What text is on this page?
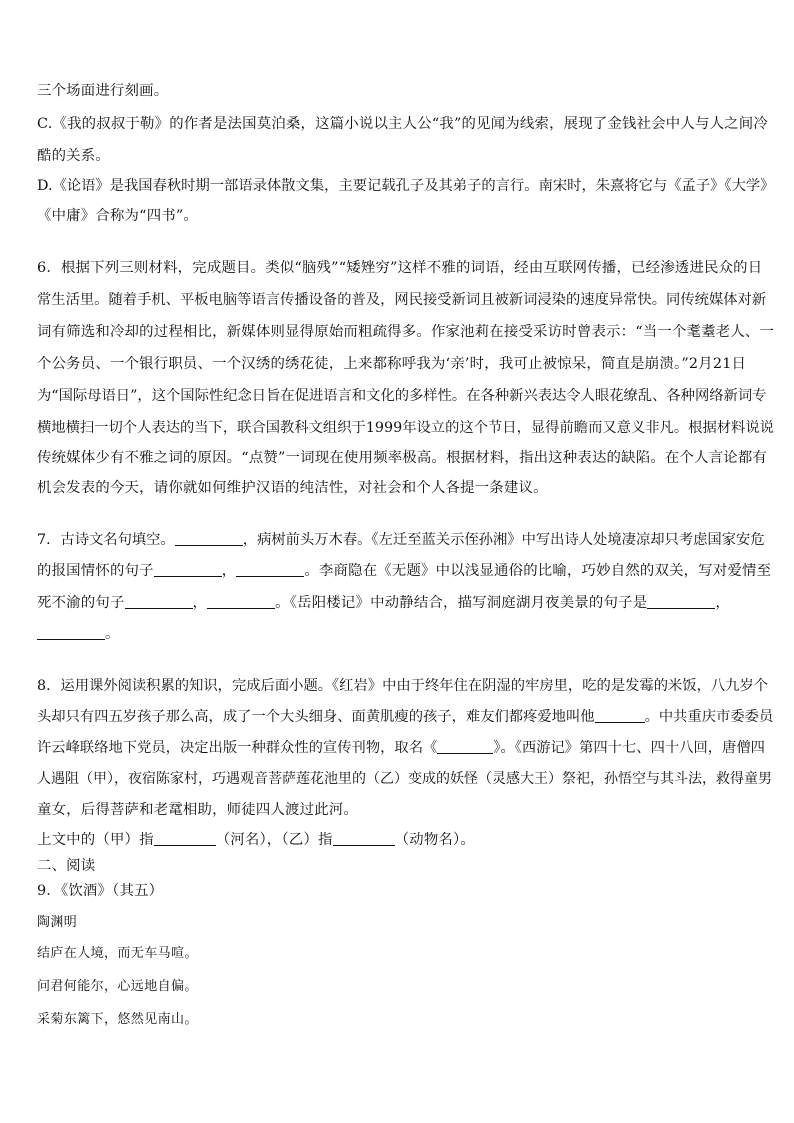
三个场面进行刻画。
C.《我的叔叔于勒》的作者是法国莫泊桑，这篇小说以主人公“我”的见闻为线索，展现了金钱社会中人与人之间冷
酷的关系。
D.《论语》是我国春秋时期一部语录体散文集，主要记载孔子及其弟子的言行。南宋时，朱熹将它与《孟子》《大学》
《中庸》合称为“四书”。
6．根据下列三则材料，完成题目。类似“脑残”“矮矬穷”这样不雅的词语，经由互联网传播，已经渗透进民众的日
常生活里。随着手机、平板电脑等语言传播设备的普及，网民接受新词且被新词浸染的速度异常快。同传统媒体对新
词有筛选和冷却的过程相比，新媒体则显得原始而粗疏得多。作家池莉在接受采访时曾表示：“当一个耄耋老人、一
个公务员、一个银行职员、一个汉绣的绣花徒，上来都称呼我为‘亲’时，我可止被惊呆，简直是崩溃。”2月21日
为“国际母语日”，这个国际性纪念日旨在促进语言和文化的多样性。在各种新兴表达令人眼花缭乱、各种网络新词专
横地横扫一切个人表达的当下，联合国教科文组织于1999年设立的这个节日，显得前瞻而又意义非凡。根据材料说说
传统媒体少有不雅之词的原因。“点赞”一词现在使用频率极高。根据材料，指出这种表达的缺陷。在个人言论都有
机会发表的今天，请你就如何维护汉语的纯洁性，对社会和个人各提一条建议。
7．古诗文名句填空。	，病树前头万木春。《左迁至蓝关示侄孙湘》中写出诗人处境凄凉却只考虑国家安危
的报国情怀的句子	，	。李商隐在《无题》中以浅显通俗的比喻，巧妙自然的双关，写对爱情至
死不渝的句子	，	。《岳阳楼记》中动静结合，描写洞庭湖月夜美景的句子是	，
。
8．运用课外阅读积累的知识，完成后面小题。《红岩》中由于终年住在阴湿的牢房里，吃的是发霉的米饭，八九岁个
头却只有四五岁孩子那么高，成了一个大头细身、面黄肌瘦的孩子，难友们都疼爱地叫他	。中共重庆市委委员
许云峰联络地下党员，决定出版一种群众性的宣传刊物，取名《	》。《西游记》第四十七、四十八回，唐僧四
人遇阻（甲），夜宿陈家村，巧遇观音菩萨莲花池里的（乙）变成的妖怪（灵感大王）祭祀，孙悟空与其斗法，救得童男
童女，后得菩萨和老鼋相助，师徒四人渡过此河。
上文中的（甲）指	（河名），（乙）指	（动物名）。
二、阅读
9．《饮酒》（其五）
陶渊明
结庐在人境，而无车马喧。
问君何能尔，心远地自偏。
采菊东篱下，悠然见南山。
